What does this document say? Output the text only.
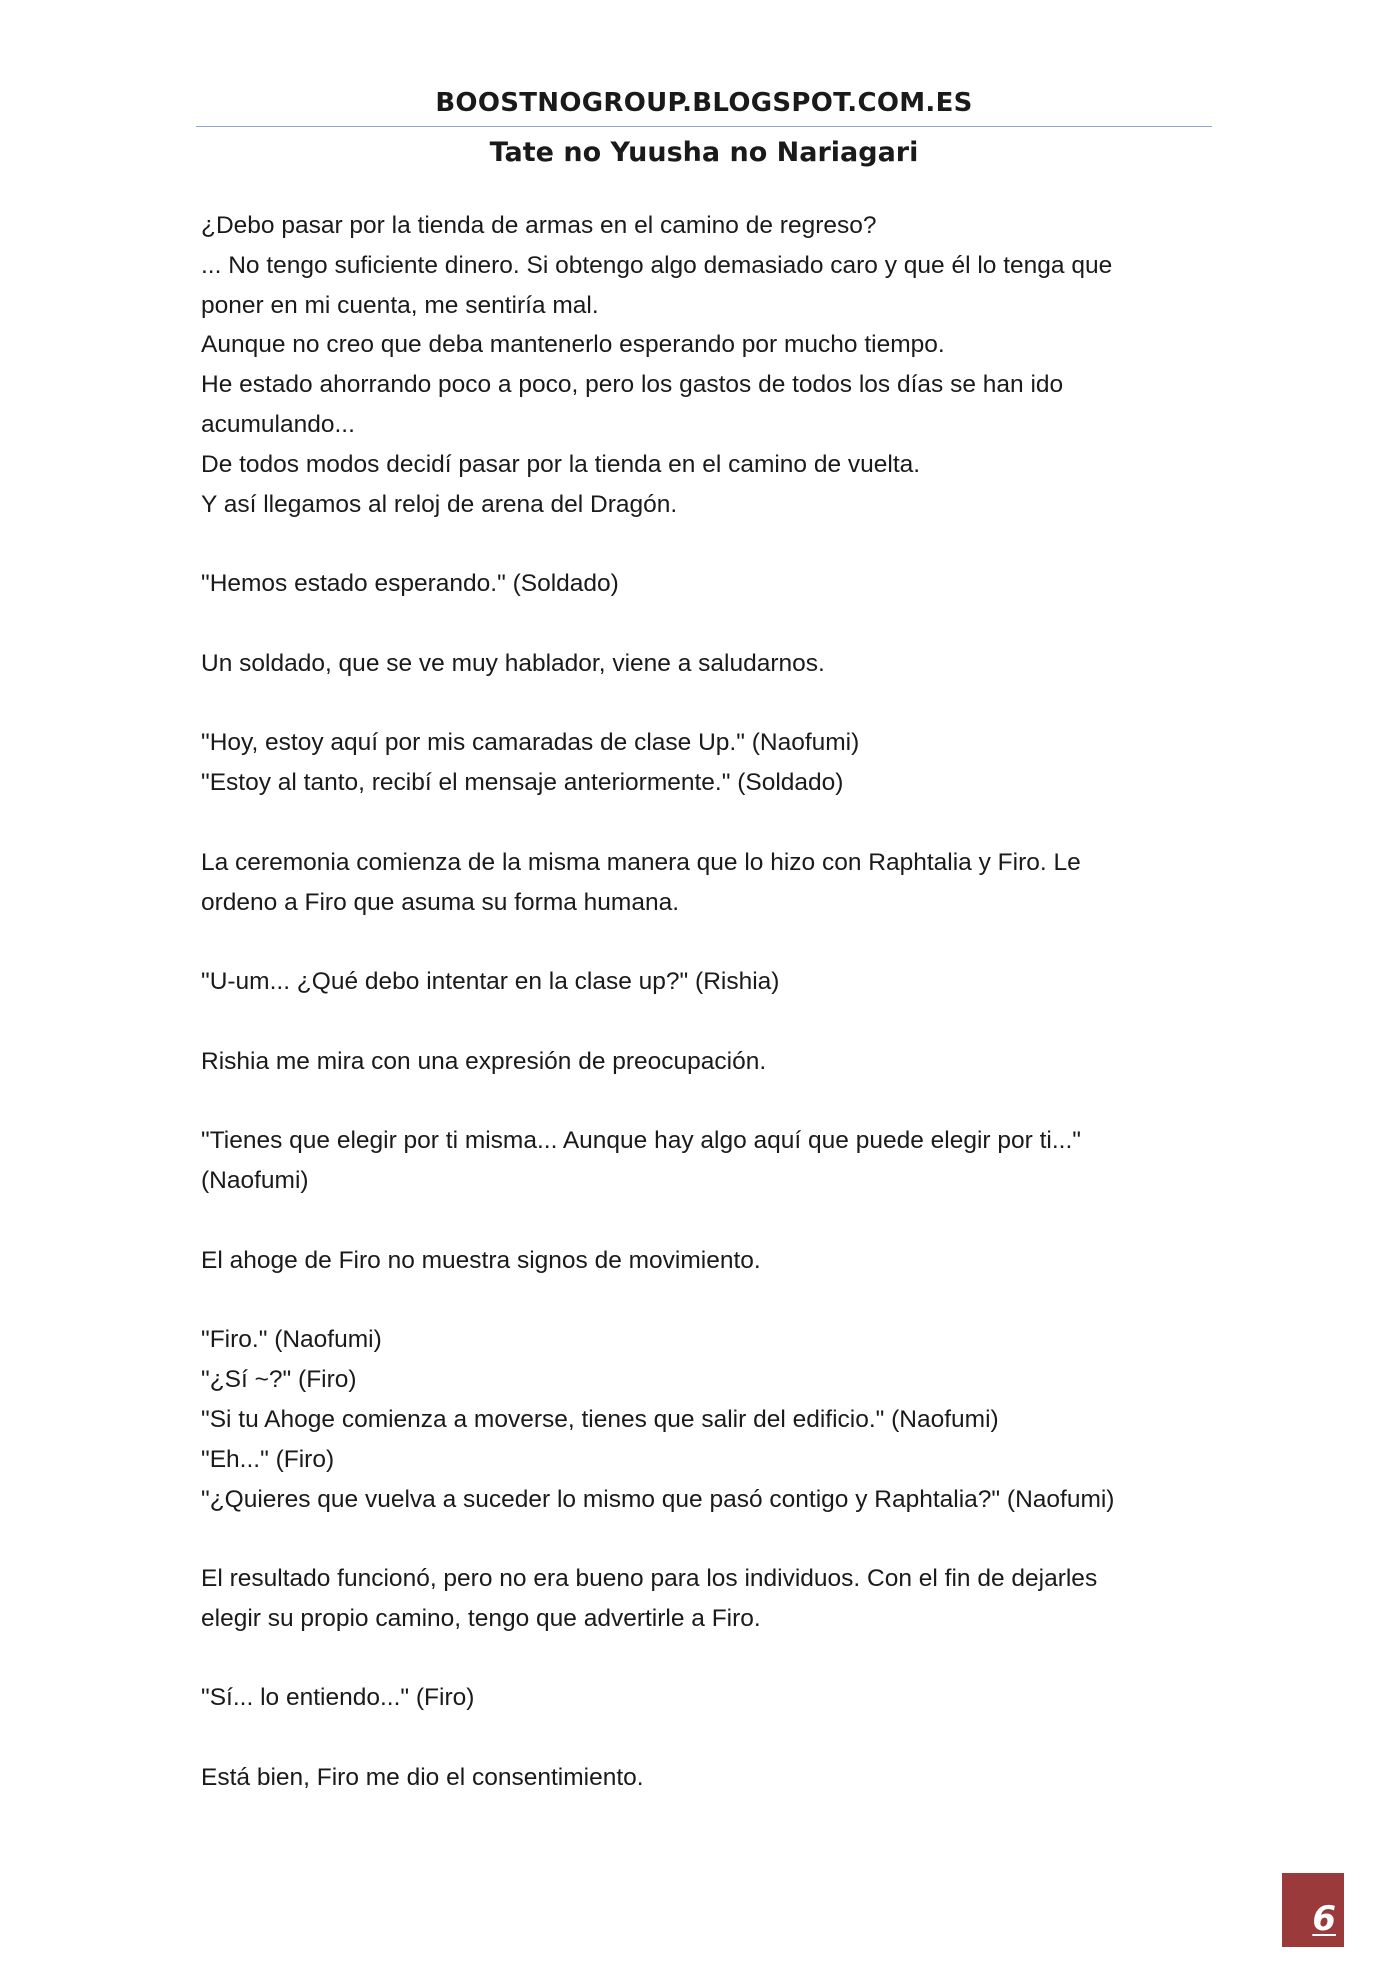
BOOSTNOGROUP.BLOGSPOT.COM.ES
Tate no Yuusha no Nariagari

¿Debo pasar por la tienda de armas en el camino de regreso?

... No tengo suficiente dinero. Si obtengo algo demasiado caro y que él lo tenga que

poner en mi cuenta, me sentiría mal.

Aunque no creo que deba mantenerlo esperando por mucho tiempo.

He estado ahorrando poco a poco, pero los gastos de todos los días se han ido

acumulando...

De todos modos decidí pasar por la tienda en el camino de vuelta.

Y así llegamos al reloj de arena del Dragón.

"Hemos estado esperando." (Soldado)

Un soldado, que se ve muy hablador, viene a saludarnos.

"Hoy, estoy aquí por mis camaradas de clase Up." (Naofumi)

"Estoy al tanto, recibí el mensaje anteriormente." (Soldado)

La ceremonia comienza de la misma manera que lo hizo con Raphtalia y Firo. Le

ordeno a Firo que asuma su forma humana.

"U-um... ¿Qué debo intentar en la clase up?" (Rishia)

Rishia me mira con una expresión de preocupación.

"Tienes que elegir por ti misma... Aunque hay algo aquí que puede elegir por ti..."

(Naofumi)

El ahoge de Firo no muestra signos de movimiento.

"Firo." (Naofumi)

"¿Sí ~?" (Firo)

"Si tu Ahoge comienza a moverse, tienes que salir del edificio." (Naofumi)

"Eh..." (Firo)

"¿Quieres que vuelva a suceder lo mismo que pasó contigo y Raphtalia?" (Naofumi)

El resultado funcionó, pero no era bueno para los individuos. Con el fin de dejarles

elegir su propio camino, tengo que advertirle a Firo.

"Sí... lo entiendo..." (Firo)

Está bien, Firo me dio el consentimiento.

6
